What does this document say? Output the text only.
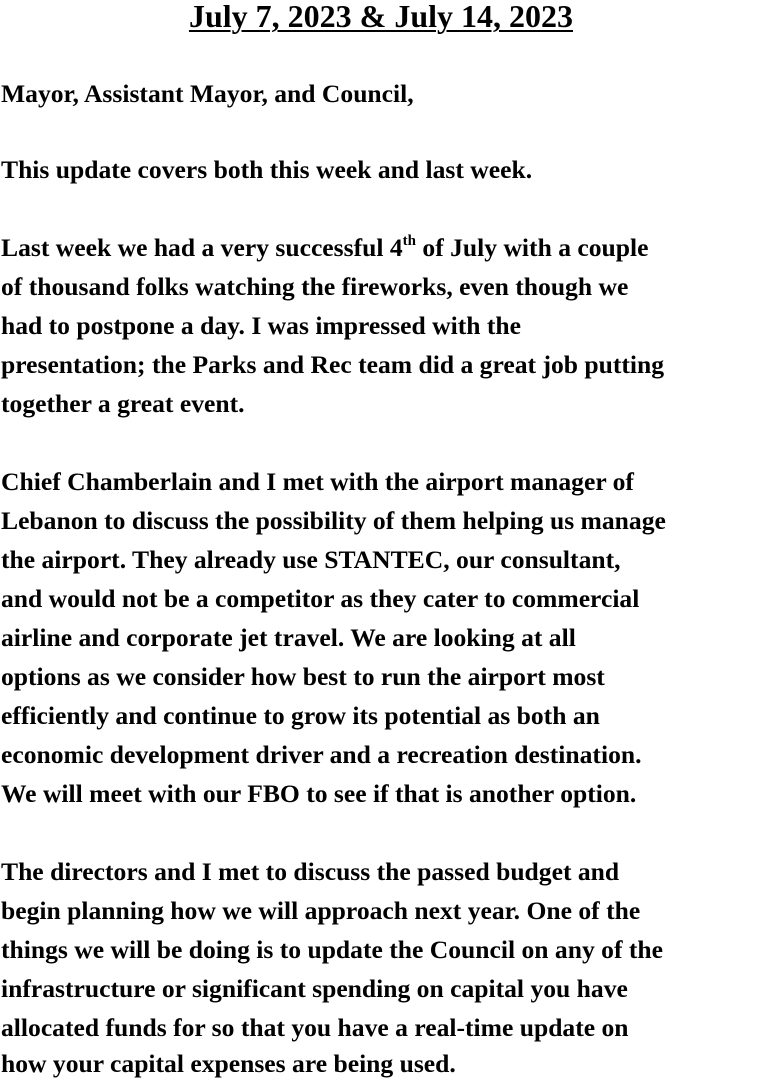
July 7, 2023 & July 14, 2023

Mayor, Assistant Mayor, and Council,

This update covers both this week and last week.

Last week we had a very successful 4th of July with a couple

of thousand folks watching the fireworks, even though we

had to postpone a day. I was impressed with the

presentation; the Parks and Rec team did a great job putting

together a great event.

Chief Chamberlain and I met with the airport manager of

Lebanon to discuss the possibility of them helping us manage

the airport. They already use STANTEC, our consultant,

and would not be a competitor as they cater to commercial

airline and corporate jet travel. We are looking at all

options as we consider how best to run the airport most

efficiently and continue to grow its potential as both an

economic development driver and a recreation destination.

We will meet with our FBO to see if that is another option.

The directors and I met to discuss the passed budget and

begin planning how we will approach next year. One of the

things we will be doing is to update the Council on any of the

infrastructure or significant spending on capital you have

allocated funds for so that you have a real-time update on

how your capital expenses are being used.
